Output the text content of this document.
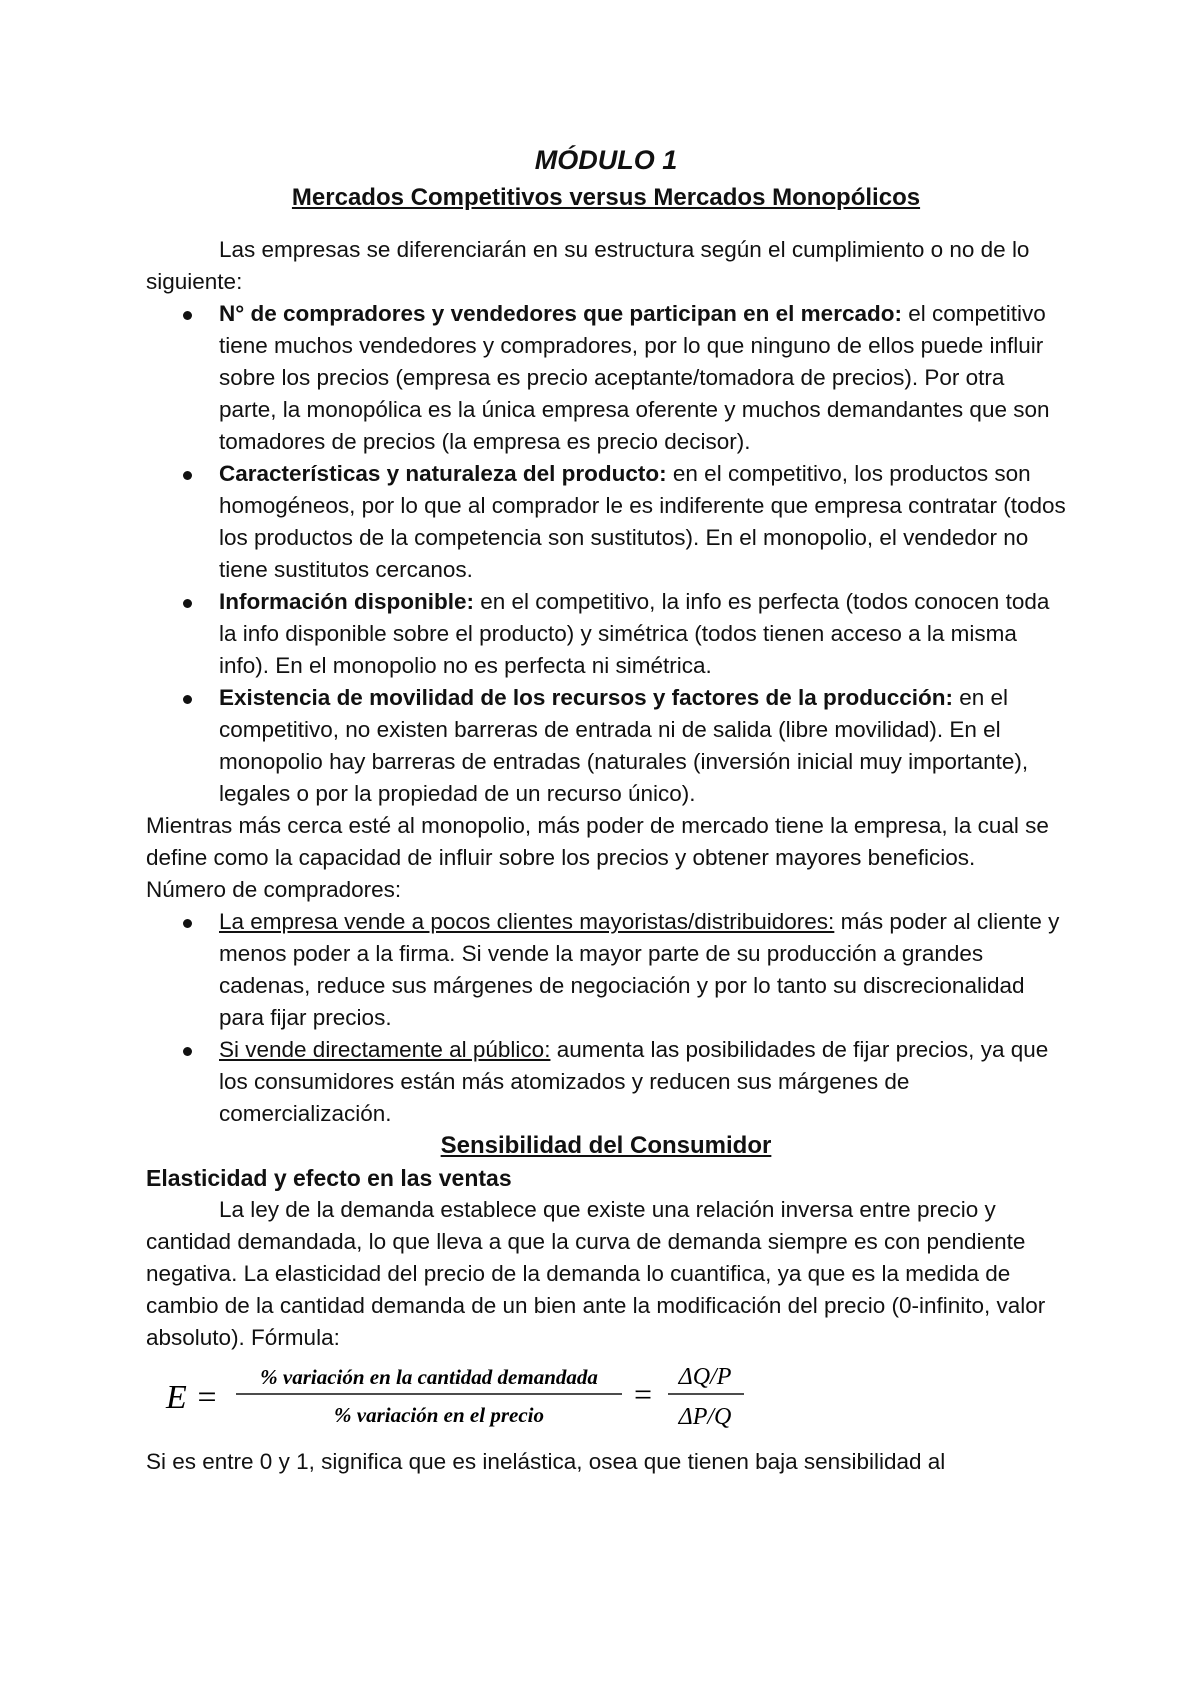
MÓDULO 1
Mercados Competitivos versus Mercados Monopólicos

Las empresas se diferenciarán en su estructura según el cumplimiento o no de lo siguiente:

N° de compradores y vendedores que participan en el mercado: el competitivo tiene muchos vendedores y compradores, por lo que ninguno de ellos puede influir sobre los precios (empresa es precio aceptante/tomadora de precios). Por otra parte, la monopólica es la única empresa oferente y muchos demandantes que son tomadores de precios (la empresa es precio decisor).
Características y naturaleza del producto: en el competitivo, los productos son homogéneos, por lo que al comprador le es indiferente que empresa contratar (todos los productos de la competencia son sustitutos). En el monopolio, el vendedor no tiene sustitutos cercanos.
Información disponible: en el competitivo, la info es perfecta (todos conocen toda la info disponible sobre el producto) y simétrica (todos tienen acceso a la misma info). En el monopolio no es perfecta ni simétrica.
Existencia de movilidad de los recursos y factores de la producción: en el competitivo, no existen barreras de entrada ni de salida (libre movilidad). En el monopolio hay barreras de entradas (naturales (inversión inicial muy importante), legales o por la propiedad de un recurso único).

Mientras más cerca esté al monopolio, más poder de mercado tiene la empresa, la cual se define como la capacidad de influir sobre los precios y obtener mayores beneficios.

Número de compradores:

La empresa vende a pocos clientes mayoristas/distribuidores: más poder al cliente y menos poder a la firma. Si vende la mayor parte de su producción a grandes cadenas, reduce sus márgenes de negociación y por lo tanto su discrecionalidad para fijar precios.
Si vende directamente al público: aumenta las posibilidades de fijar precios, ya que los consumidores están más atomizados y reducen sus márgenes de comercialización.
Sensibilidad del Consumidor
Elasticidad y efecto en las ventas

La ley de la demanda establece que existe una relación inversa entre precio y cantidad demandada, lo que lleva a que la curva de demanda siempre es con pendiente negativa. La elasticidad del precio de la demanda lo cuantifica, ya que es la medida de cambio de la cantidad demanda de un bien ante la modificación del precio (0-infinito, valor absoluto). Fórmula:

E =
% variación en la cantidad demandada
% variación en el precio
= ΔQ/P
ΔP/Q

Si es entre 0 y 1, significa que es inelástica, osea que tienen baja sensibilidad al
